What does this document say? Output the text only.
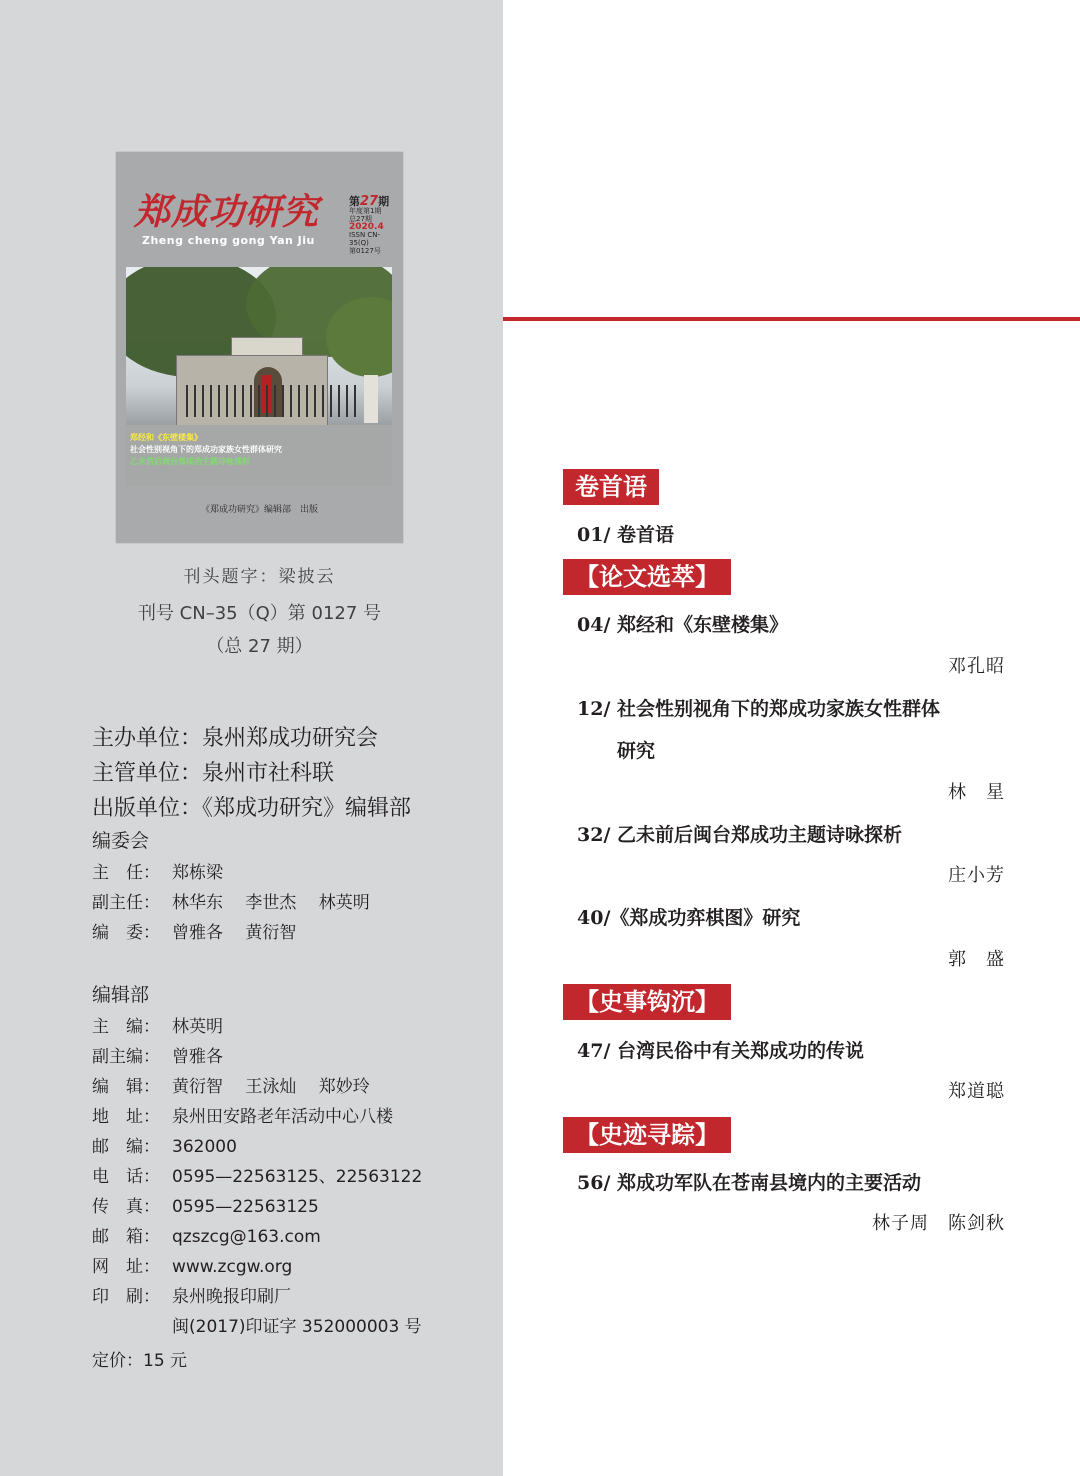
郑成功研究
Zheng cheng gong Yan Jiu
第27期
年度第1期
总27期
2020.4
ISSN CN-35(Q)
第0127号
郑经和《东壁楼集》
社会性别视角下的郑成功家族女性群体研究
乙未前后闽台郑成功主题诗咏探析
《郑成功研究》编辑部　出版
刊头题字：梁披云
刊号 CN–35（Q）第 0127 号
（总 27 期）
主办单位：泉州郑成功研究会
主管单位：泉州市社科联
出版单位：《郑成功研究》编辑部
编委会
主　任： 郑栋梁
副主任： 林华东　 李世杰　 林英明
编　委： 曾雅各　 黄衍智
编辑部
主　编： 林英明
副主编： 曾雅各
编　辑： 黄衍智　 王泳灿　 郑妙玲
地　址： 泉州田安路老年活动中心八楼
邮　编： 362000
电　话： 0595—22563125、22563122
传　真： 0595—22563125
邮　箱： qzszcg@163.com
网　址： www.zcgw.org
印　刷： 泉州晚报印刷厂
闽(2017)印证字 352000003 号
定价：15 元
卷首语
【论文选萃】
【史事钩沉】
【史迹寻踪】
01/ 卷首语
04/ 郑经和《东壁楼集》
邓孔昭
12/ 社会性别视角下的郑成功家族女性群体
研究
林　星
32/ 乙未前后闽台郑成功主题诗咏探析
庄小芳
40/《郑成功弈棋图》研究
郭　盛
47/ 台湾民俗中有关郑成功的传说
郑道聪
56/ 郑成功军队在苍南县境内的主要活动
林子周　陈剑秋
